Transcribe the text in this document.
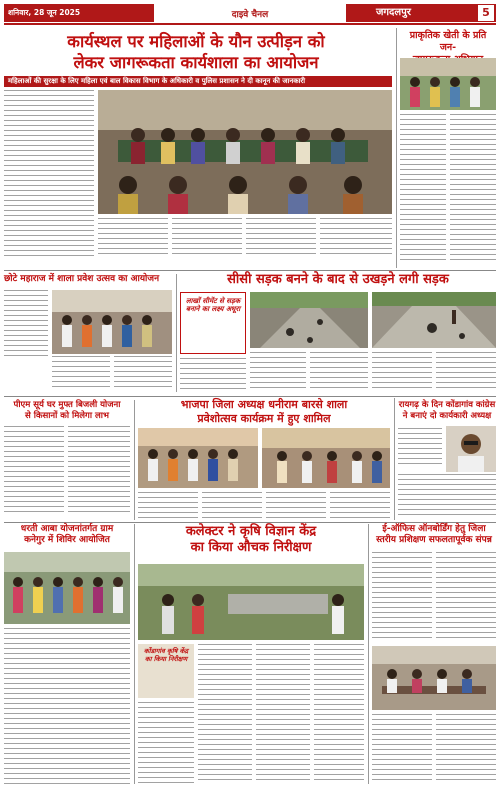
शनिवार, 28 जून 2025	दाइवे चैनल	जगदलपुर	5
कार्यस्थल पर महिलाओं के यौन उत्पीड़न को
लेकर जागरूकता कार्यशाला का आयोजन
महिलाओं की सुरक्षा के लिए महिला एवं बाल विकास विभाग के अधिकारी व पुलिस प्रशासन ने दी कानून की जानकारी
प्राकृतिक खेती के प्रति जन-
छोटे महाराज में शाला प्रवेश उत्सव का आयोजन	सीसी सड़क बनने के बाद से उखड़ने लगी सड़क
लाखों सीमेंट से सड़क बनाने का लक्ष्य अधूरा
पीएम सूर्य घर मुफ्त बिजली योजना
से किसानों को मिलेगा लाभ
भाजपा जिला अध्यक्ष धनीराम बारसे शाला
प्रवेशोत्सव कार्यक्रम में हुए शामिल
रायगढ़ के दिन कोंडागांव कांग्रेस
ने बनाएं दो कार्यकारी अध्यक्ष
धरती आबा योजनांतर्गत ग्राम
कनेगुर में शिविर आयोजित
कलेक्टर ने कृषि विज्ञान केंद्र
का किया औचक निरीक्षण
कोंडागांव कृषि केंद्र का किया निरीक्षण
ई-ऑफिस ऑनबोर्डिंग हेतु जिला
स्तरीय प्रशिक्षण सफलतापूर्वक संपन्न
